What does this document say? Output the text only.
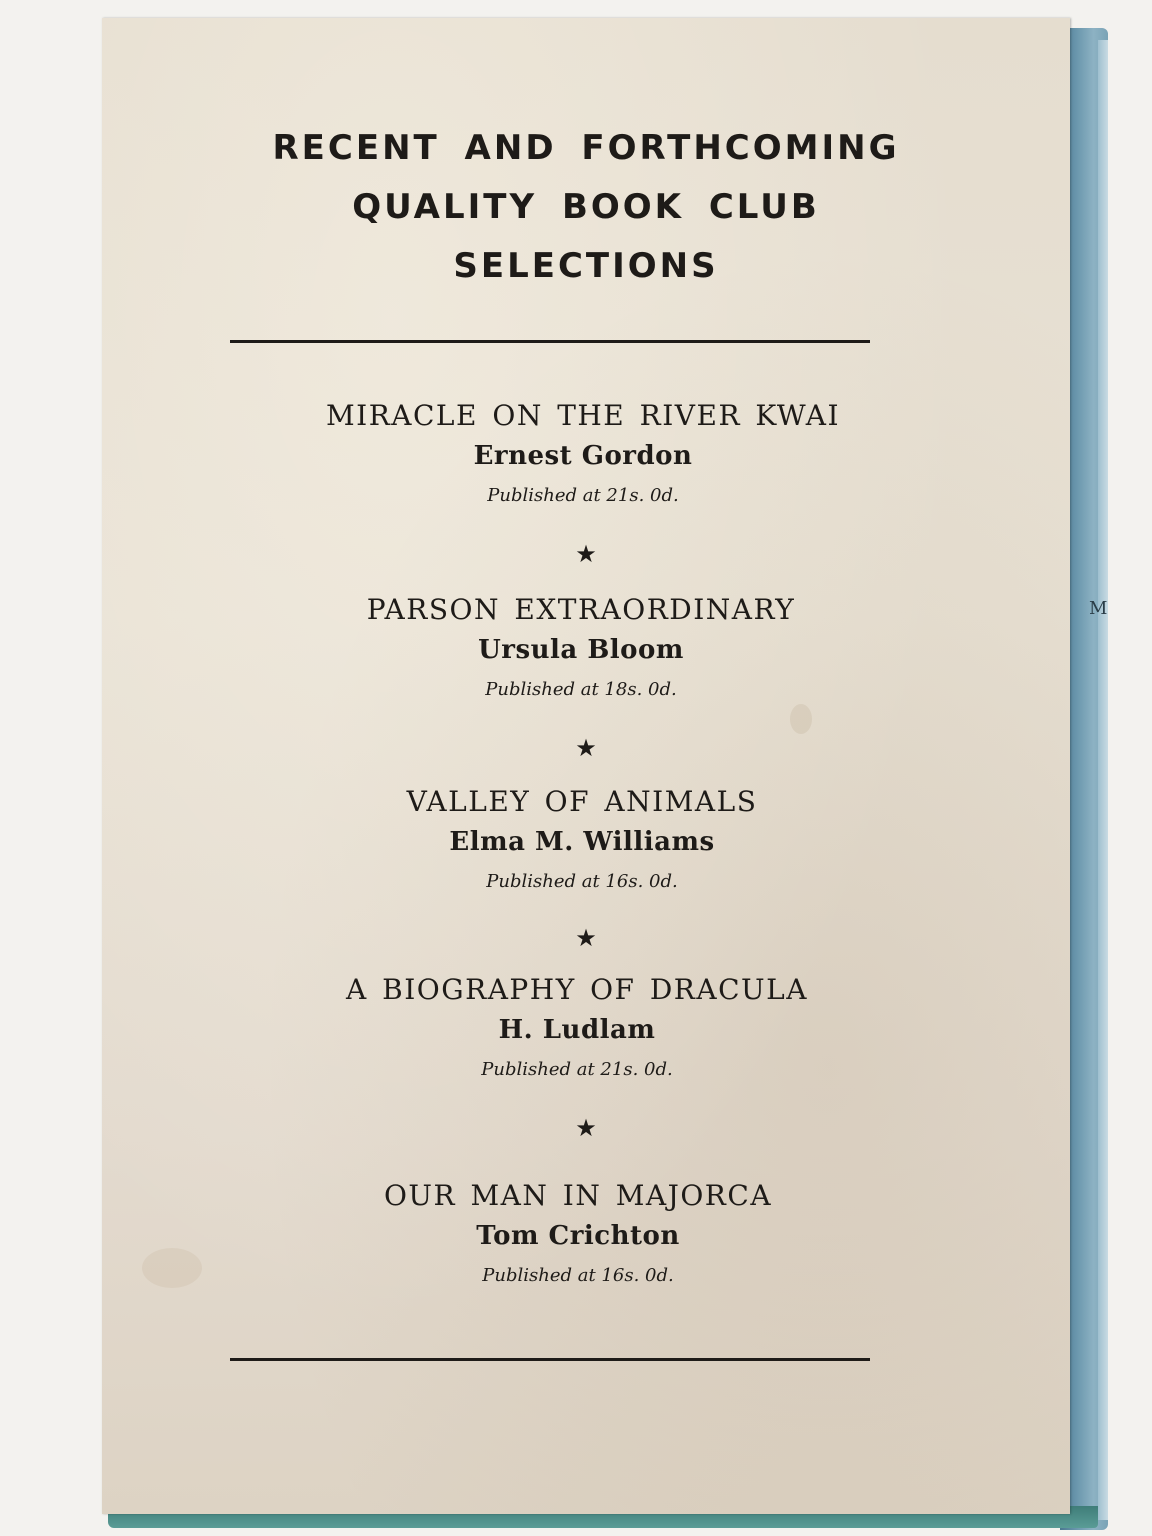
M
RECENT AND FORTHCOMING
QUALITY BOOK CLUB
SELECTIONS
MIRACLE ON THE RIVER KWAI
Ernest Gordon
Published at 21s. 0d.
★
PARSON EXTRAORDINARY
Ursula Bloom
Published at 18s. 0d.
★
VALLEY OF ANIMALS
Elma M. Williams
Published at 16s. 0d.
★
A BIOGRAPHY OF DRACULA
H. Ludlam
Published at 21s. 0d.
★
OUR MAN IN MAJORCA
Tom Crichton
Published at 16s. 0d.
